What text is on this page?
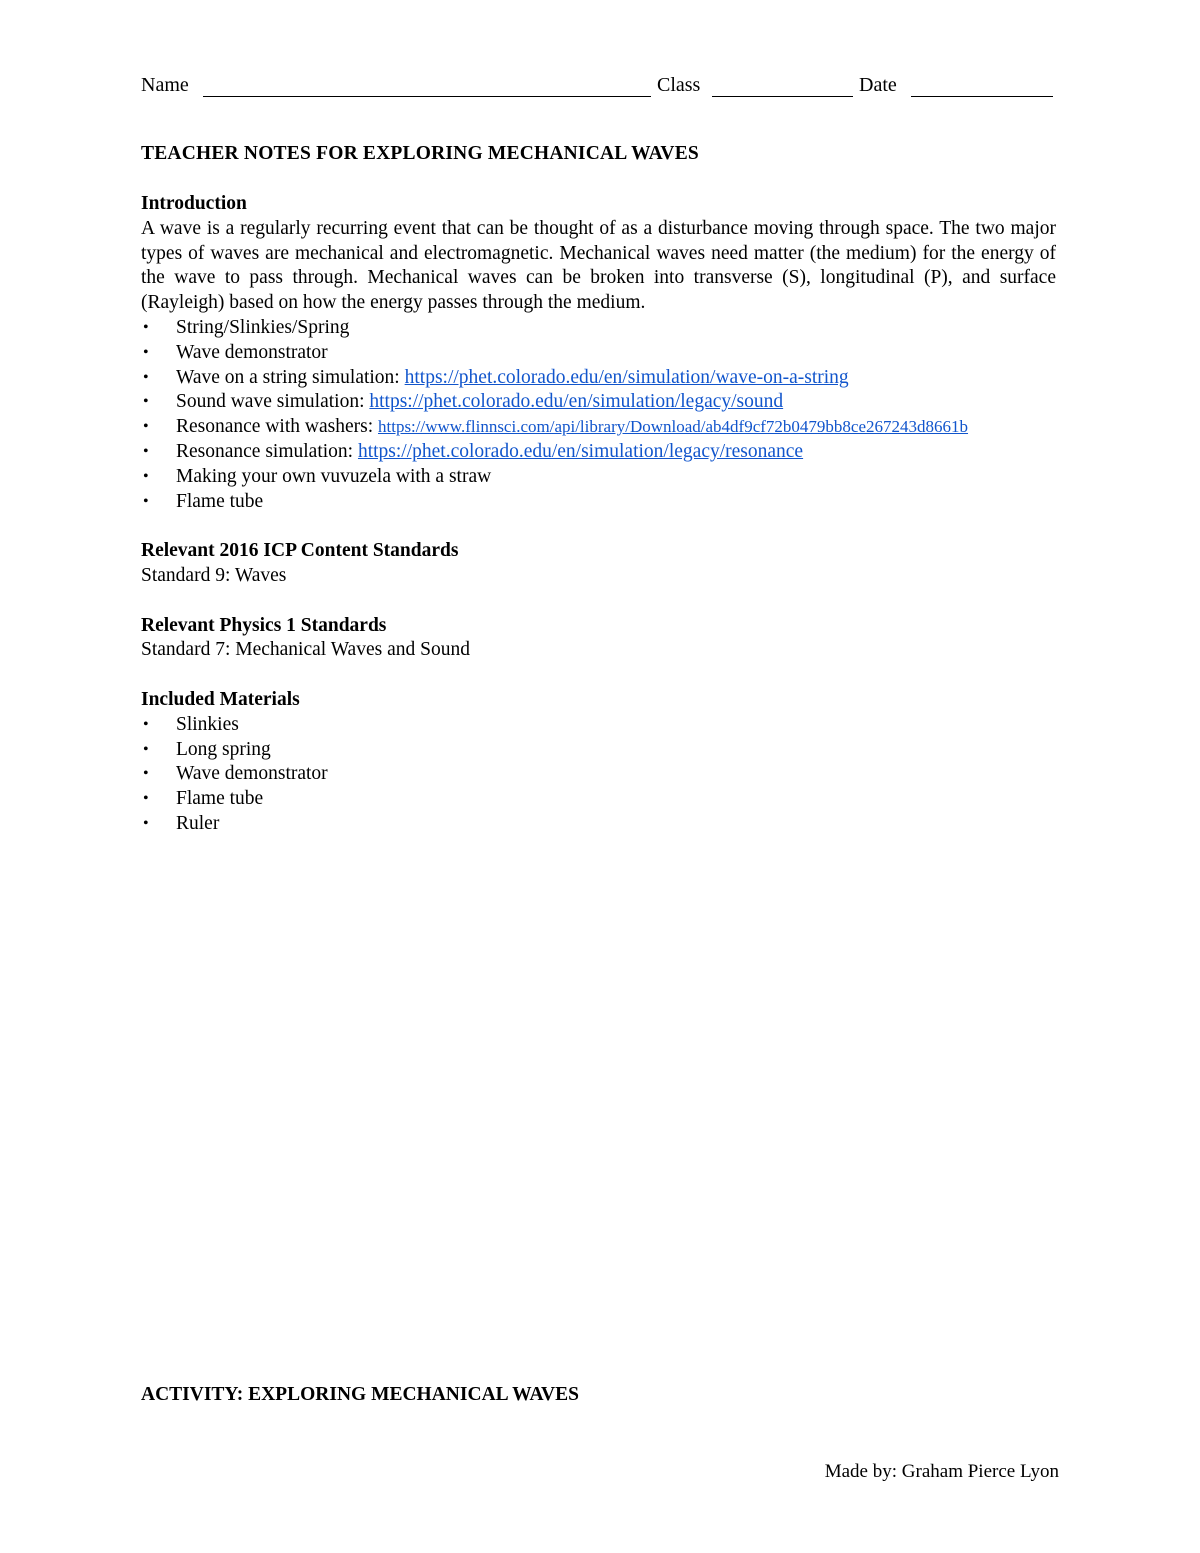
Name	Class	Date
TEACHER NOTES FOR EXPLORING MECHANICAL WAVES
Introduction

A wave is a regularly recurring event that can be thought of as a disturbance moving through space. The two major types of waves are mechanical and electromagnetic. Mechanical waves need matter (the medium) for the energy of the wave to pass through. Mechanical waves can be broken into transverse (S), longitudinal (P), and surface (Rayleigh) based on how the energy passes through the medium.

• String/Slinkies/Spring
• Wave demonstrator
• Wave on a string simulation: https://phet.colorado.edu/en/simulation/wave-on-a-string
• Sound wave simulation: https://phet.colorado.edu/en/simulation/legacy/sound
• Resonance with washers: https://www.flinnsci.com/api/library/Download/ab4df9cf72b0479bb8ce267243d8661b
• Resonance simulation: https://phet.colorado.edu/en/simulation/legacy/resonance
• Making your own vuvuzela with a straw
• Flame tube
Relevant 2016 ICP Content Standards

Standard 9: Waves

Relevant Physics 1 Standards

Standard 7: Mechanical Waves and Sound

Included Materials
• Slinkies
• Long spring
• Wave demonstrator
• Flame tube
• Ruler
ACTIVITY: EXPLORING MECHANICAL WAVES
Made by: Graham Pierce Lyon
